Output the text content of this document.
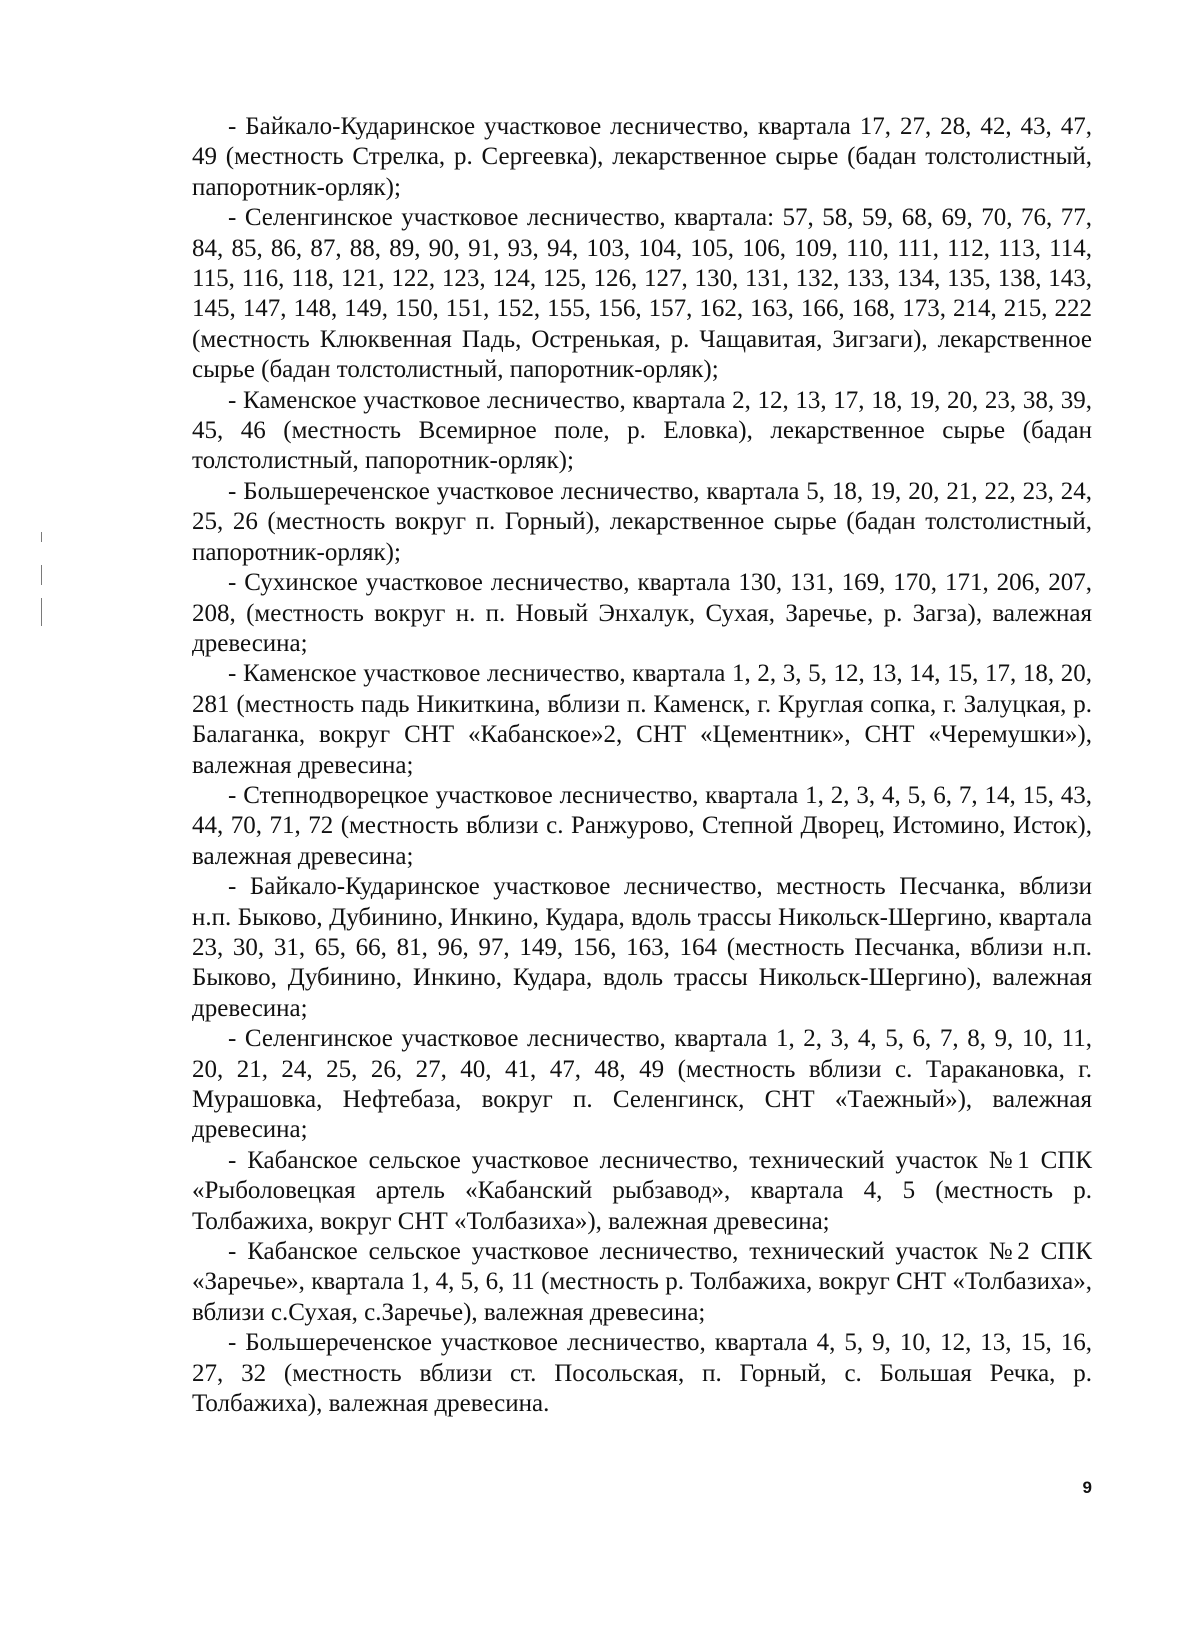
- Байкало-Кударинское участковое лесничество, квартала 17, 27, 28, 42, 43, 47, 49 (местность Стрелка, р. Сергеевка), лекарственное сырье (бадан толстолистный, папоротник-орляк);

- Селенгинское участковое лесничество, квартала: 57, 58, 59, 68, 69, 70, 76, 77, 84, 85, 86, 87, 88, 89, 90, 91, 93, 94, 103, 104, 105, 106, 109, 110, 111, 112, 113, 114, 115, 116, 118, 121, 122, 123, 124, 125, 126, 127, 130, 131, 132, 133, 134, 135, 138, 143, 145, 147, 148, 149, 150, 151, 152, 155, 156, 157, 162, 163, 166, 168, 173, 214, 215, 222 (местность Клюквенная Падь, Остренькая, р. Чащавитая, Зигзаги), лекарственное сырье (бадан толстолистный, папоротник-орляк);

- Каменское участковое лесничество, квартала 2, 12, 13, 17, 18, 19, 20, 23, 38, 39, 45, 46 (местность Всемирное поле, р. Еловка), лекарственное сырье (бадан толстолистный, папоротник-орляк);

- Большереченское участковое лесничество, квартала 5, 18, 19, 20, 21, 22, 23, 24, 25, 26 (местность вокруг п. Горный), лекарственное сырье (бадан толстолистный, папоротник-орляк);

- Сухинское участковое лесничество, квартала 130, 131, 169, 170, 171, 206, 207, 208, (местность вокруг н. п. Новый Энхалук, Сухая, Заречье, р. Загза), валежная древесина;

- Каменское участковое лесничество, квартала 1, 2, 3, 5, 12, 13, 14, 15, 17, 18, 20, 281 (местность падь Никиткина, вблизи п. Каменск, г. Круглая сопка, г. Залуцкая, р. Балаганка, вокруг СНТ «Кабанское»2, СНТ «Цементник», СНТ «Черемушки»), валежная древесина;

- Степнодворецкое участковое лесничество, квартала 1, 2, 3, 4, 5, 6, 7, 14, 15, 43, 44, 70, 71, 72 (местность вблизи с. Ранжурово, Степной Дворец, Истомино, Исток), валежная древесина;

- Байкало-Кударинское участковое лесничество, местность Песчанка, вблизи н.п. Быково, Дубинино, Инкино, Кудара, вдоль трассы Никольск-Шергино, квартала 23, 30, 31, 65, 66, 81, 96, 97, 149, 156, 163, 164 (местность Песчанка, вблизи н.п. Быково, Дубинино, Инкино, Кудара, вдоль трассы Никольск-Шергино), валежная древесина;

- Селенгинское участковое лесничество, квартала 1, 2, 3, 4, 5, 6, 7, 8, 9, 10, 11, 20, 21, 24, 25, 26, 27, 40, 41, 47, 48, 49 (местность вблизи с. Таракановка, г. Мурашовка, Нефтебаза, вокруг п. Селенгинск, СНТ «Таежный»), валежная древесина;

- Кабанское сельское участковое лесничество, технический участок №1 СПК «Рыболовецкая артель «Кабанский рыбзавод», квартала 4, 5 (местность р. Толбажиха, вокруг СНТ «Толбазиха»), валежная древесина;

- Кабанское сельское участковое лесничество, технический участок №2 СПК «Заречье», квартала 1, 4, 5, 6, 11 (местность р. Толбажиха, вокруг СНТ «Толбазиха», вблизи с.Сухая, с.Заречье), валежная древесина;

- Большереченское участковое лесничество, квартала 4, 5, 9, 10, 12, 13, 15, 16, 27, 32 (местность вблизи ст. Посольская, п. Горный, с. Большая Речка, р. Толбажиха), валежная древесина.

9
